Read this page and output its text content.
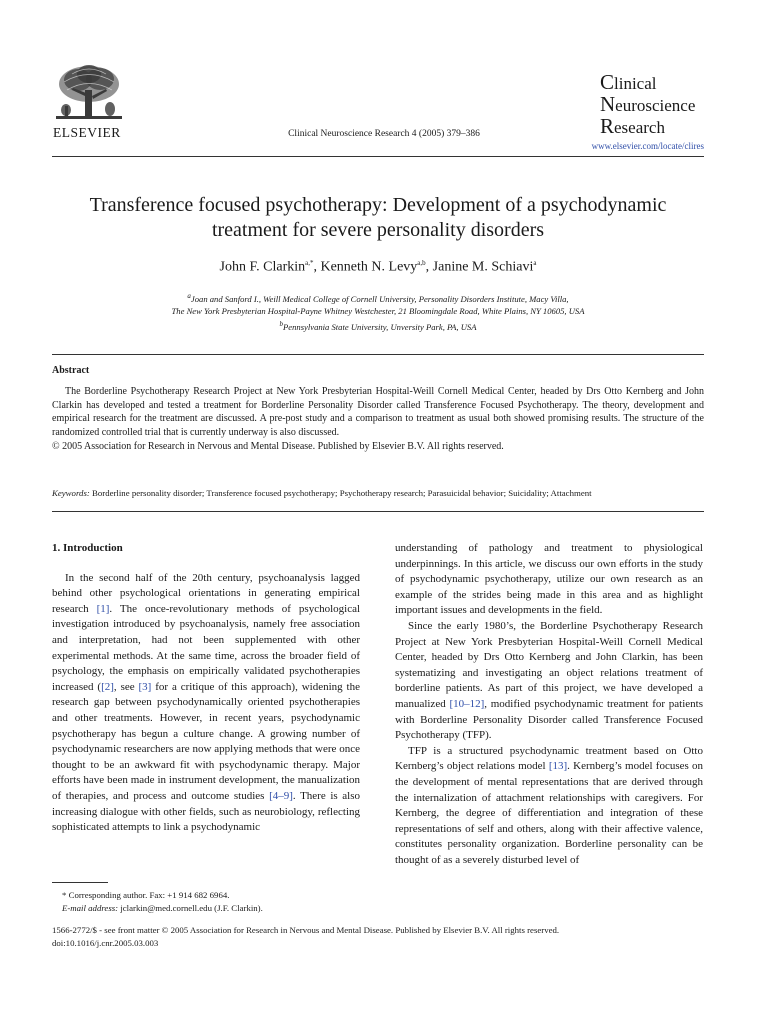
ELSEVIER	Clinical Neuroscience Research 4 (2005) 379–386
Clinical
Neuroscience
Research
www.elsevier.com/locate/clires
Transference focused psychotherapy: Development of a psychodynamic
treatment for severe personality disorders
John F. Clarkin$^{a,*}$, Kenneth N. Levy$^{a,b}$, Janine M. Schiavi$^a$
$^a$Joan and Sanford I., Weill Medical College of Cornell University, Personality Disorders Institute, Macy Villa,
The New York Presbyterian Hospital-Payne Whitney Westchester, 21 Bloomingdale Road, White Plains, NY 10605, USA
$^b$Pennsylvania State University, Unversity Park, PA, USA
Abstract

The Borderline Psychotherapy Research Project at New York Presbyterian Hospital-Weill Cornell Medical Center, headed by Drs Otto Kernberg and John Clarkin has developed and tested a treatment for Borderline Personality Disorder called Transference Focused Psychotherapy. The theory, development and empirical research for the treatment are discussed. A pre-post study and a comparison to treatment as usual both showed promising results. The structure of the randomized controlled trial that is currently underway is also discussed.

© 2005 Association for Research in Nervous and Mental Disease. Published by Elsevier B.V. All rights reserved.

Keywords: Borderline personality disorder; Transference focused psychotherapy; Psychotherapy research; Parasuicidal behavior; Suicidality; Attachment
1. Introduction

In the second half of the 20th century, psychoanalysis lagged behind other psychological orientations in generating empirical research [1]. The once-revolutionary methods of psychological investigation introduced by psychoanalysis, namely free association and interpretation, had not been supplemented with other experimental methods. At the same time, across the broader field of psychology, the emphasis on empirically validated psychotherapies increased ([2], see [3] for a critique of this approach), widening the research gap between psychodynamically oriented psychotherapies and other treatments. However, in recent years, psychodynamic psychotherapy has begun a culture change. A growing number of psychodynamic researchers are now applying methods that were once thought to be an awkward fit with psychodynamic therapy. Major efforts have been made in instrument development, the manualization of therapies, and process and outcome studies [4–9]. There is also increasing dialogue with other fields, such as neurobiology, reflecting sophisticated attempts to link a psychodynamic

understanding of pathology and treatment to physiological underpinnings. In this article, we discuss our own efforts in the study of psychodynamic psychotherapy, utilize our own research as an example of the strides being made in this area and as highlight important issues and developments in the field.

Since the early 1980’s, the Borderline Psychotherapy Research Project at New York Presbyterian Hospital-Weill Cornell Medical Center, headed by Drs Otto Kernberg and John Clarkin, has been systematizing and investigating an object relations treatment of borderline patients. As part of this project, we have developed a manualized [10–12], modified psychodynamic treatment for patients with Borderline Personality Disorder called Transference Focused Psychotherapy (TFP).

TFP is a structured psychodynamic treatment based on Otto Kernberg’s object relations model [13]. Kernberg’s model focuses on the development of mental representations that are derived through the internalization of attachment relationships with caregivers. For Kernberg, the degree of differentiation and integration of these representations of self and others, along with their affective valence, constitutes personality organization. Borderline personality can be thought of as a severely disturbed level of

* Corresponding author. Fax: +1 914 682 6964.

E-mail address: jclarkin@med.cornell.edu (J.F. Clarkin).

1566-2772/$ - see front matter © 2005 Association for Research in Nervous and Mental Disease. Published by Elsevier B.V. All rights reserved.

doi:10.1016/j.cnr.2005.03.003
